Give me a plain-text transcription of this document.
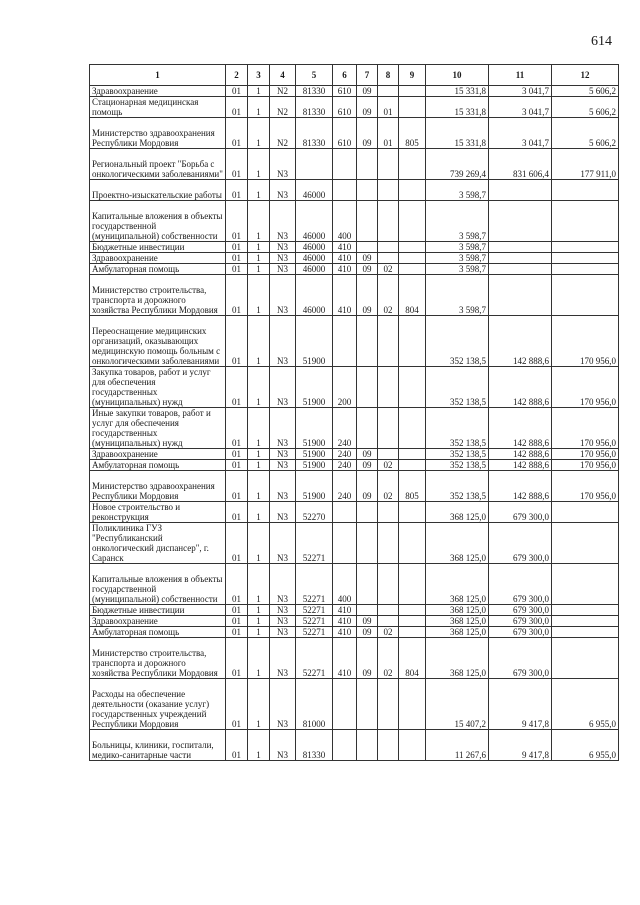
614
1	2	3	4	5	6	7	8	9	10	11	12
Здравоохранение	01	1	N2	81330	610	09			15 331,8	3 041,7	5 606,2
Стационарная медицинская помощь	01	1	N2	81330	610	09	01		15 331,8	3 041,7	5 606,2
Министерство здравоохранения Республики Мордовия	01	1	N2	81330	610	09	01	805	15 331,8	3 041,7	5 606,2
Региональный проект "Борьба с онкологическими заболеваниями"	01	1	N3						739 269,4	831 606,4	177 911,0
Проектно-изыскательские работы	01	1	N3	46000					3 598,7		
Капитальные вложения в объекты государственной (муниципальной) собственности	01	1	N3	46000	400				3 598,7		
Бюджетные инвестиции	01	1	N3	46000	410				3 598,7		
Здравоохранение	01	1	N3	46000	410	09			3 598,7		
Амбулаторная помощь	01	1	N3	46000	410	09	02		3 598,7		
Министерство строительства, транспорта и дорожного хозяйства Республики Мордовия	01	1	N3	46000	410	09	02	804	3 598,7		
Переоснащение медицинских организаций, оказывающих медицинскую помощь больным с онкологическими заболеваниями	01	1	N3	51900					352 138,5	142 888,6	170 956,0
Закупка товаров, работ и услуг для обеспечения государственных (муниципальных) нужд	01	1	N3	51900	200				352 138,5	142 888,6	170 956,0
Иные закупки товаров, работ и услуг для обеспечения государственных (муниципальных) нужд	01	1	N3	51900	240				352 138,5	142 888,6	170 956,0
Здравоохранение	01	1	N3	51900	240	09			352 138,5	142 888,6	170 956,0
Амбулаторная помощь	01	1	N3	51900	240	09	02		352 138,5	142 888,6	170 956,0
Министерство здравоохранения Республики Мордовия	01	1	N3	51900	240	09	02	805	352 138,5	142 888,6	170 956,0
Новое строительство и реконструкция	01	1	N3	52270					368 125,0	679 300,0	
Поликлиника ГУЗ "Республиканский онкологический диспансер", г. Саранск	01	1	N3	52271					368 125,0	679 300,0	
Капитальные вложения в объекты государственной (муниципальной) собственности	01	1	N3	52271	400				368 125,0	679 300,0	
Бюджетные инвестиции	01	1	N3	52271	410				368 125,0	679 300,0	
Здравоохранение	01	1	N3	52271	410	09			368 125,0	679 300,0	
Амбулаторная помощь	01	1	N3	52271	410	09	02		368 125,0	679 300,0	
Министерство строительства, транспорта и дорожного хозяйства Республики Мордовия	01	1	N3	52271	410	09	02	804	368 125,0	679 300,0	
Расходы на обеспечение деятельности (оказание услуг) государственных учреждений Республики Мордовия	01	1	N3	81000					15 407,2	9 417,8	6 955,0
Больницы, клиники, госпитали, медико-санитарные части	01	1	N3	81330					11 267,6	9 417,8	6 955,0
